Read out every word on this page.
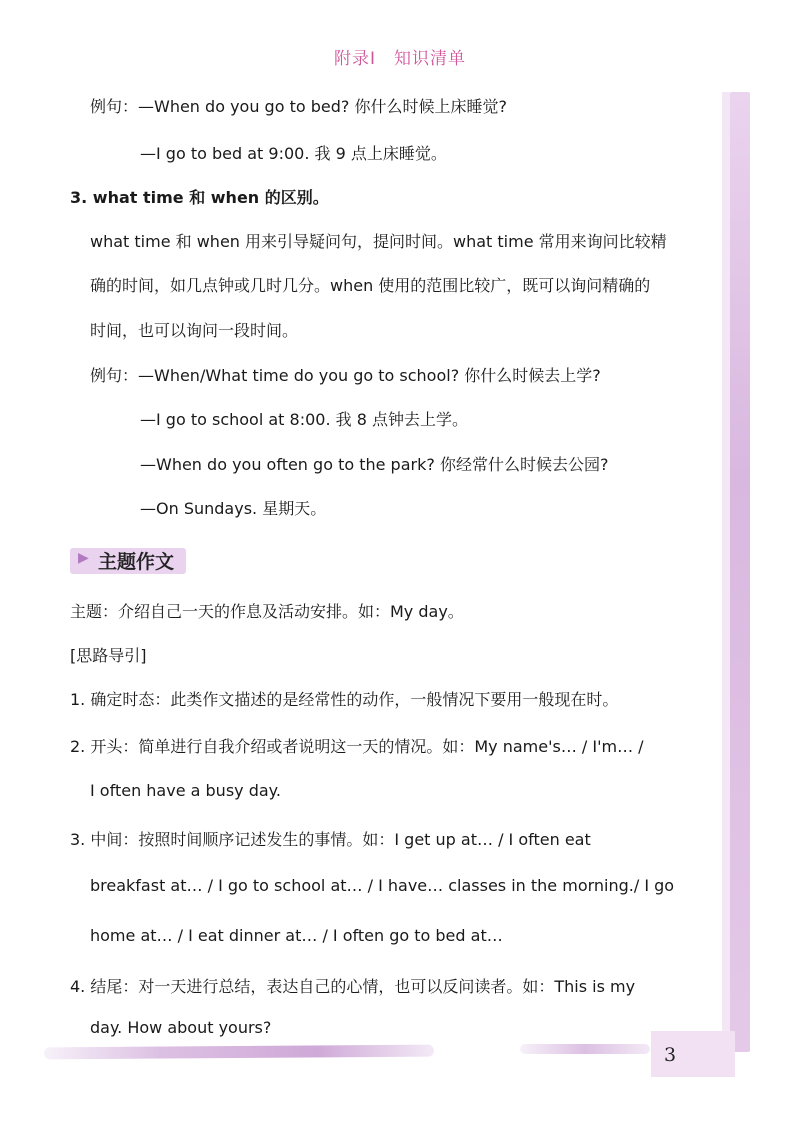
3
附录Ⅰ 知识清单
例句：—When do you go to bed? 你什么时候上床睡觉?
—I go to bed at 9:00. 我 9 点上床睡觉。
3. what time 和 when 的区别。
what time 和 when 用来引导疑问句，提问时间。what time 常用来询问比较精
确的时间，如几点钟或几时几分。when 使用的范围比较广，既可以询问精确的
时间，也可以询问一段时间。
例句：—When/What time do you go to school? 你什么时候去上学?
—I go to school at 8:00. 我 8 点钟去上学。
—When do you often go to the park? 你经常什么时候去公园?
—On Sundays. 星期天。
▶ 主题作文
主题：介绍自己一天的作息及活动安排。如：My day。
[思路导引]
1. 确定时态：此类作文描述的是经常性的动作，一般情况下要用一般现在时。
2. 开头：简单进行自我介绍或者说明这一天的情况。如：My name's… / I'm… /
I often have a busy day.
3. 中间：按照时间顺序记述发生的事情。如：I get up at… / I often eat
breakfast at… / I go to school at… / I have… classes in the morning./ I go
home at… / I eat dinner at… / I often go to bed at…
4. 结尾：对一天进行总结，表达自己的心情，也可以反问读者。如：This is my
day. How about yours?
